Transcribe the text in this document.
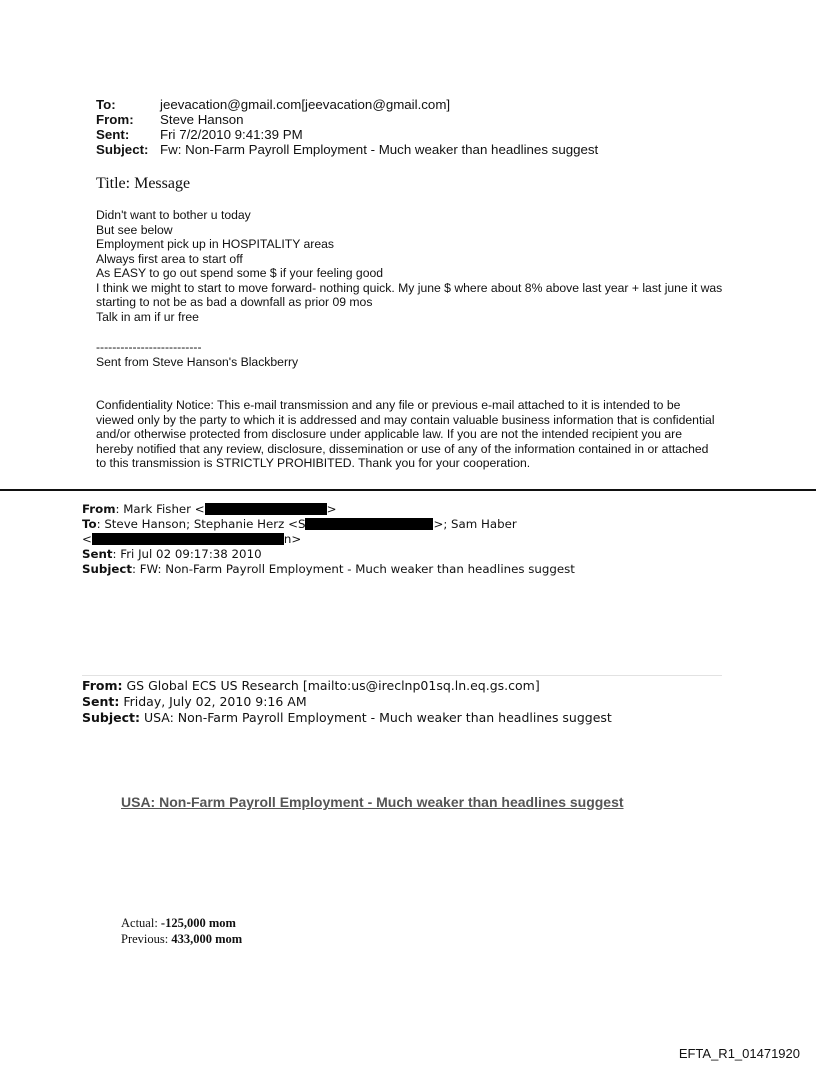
To:	jeevacation@gmail.com[jeevacation@gmail.com]
From: Steve Hanson
Sent: Fri 7/2/2010 9:41:39 PM
Subject: Fw: Non-Farm Payroll Employment - Much weaker than headlines suggest
Title: Message
Didn't want to bother u today
But see below
Employment pick up in HOSPITALITY areas
Always first area to start off
As EASY to go out spend some $ if your feeling good
I think we might to start to move forward- nothing quick. My june $ where about 8% above last year + last june it was starting to not be as bad a downfall as prior 09 mos
Talk in am if ur free
--------------------------
Sent from Steve Hanson's Blackberry
Confidentiality Notice: This e-mail transmission and any file or previous e-mail attached to it is intended to be viewed only by the party to which it is addressed and may contain valuable business information that is confidential and/or otherwise protected from disclosure under applicable law. If you are not the intended recipient you are hereby notified that any review, disclosure, dissemination or use of any of the information contained in or attached to this transmission is STRICTLY PROHIBITED. Thank you for your cooperation.
From: Mark Fisher <	>
To: Steve Hanson; Stephanie Herz <S	>; Sam Haber
<	n>
Sent: Fri Jul 02 09:17:38 2010
Subject: FW: Non-Farm Payroll Employment - Much weaker than headlines suggest
From: GS Global ECS US Research [mailto:us@ireclnp01sq.ln.eq.gs.com]
Sent: Friday, July 02, 2010 9:16 AM
Subject: USA: Non-Farm Payroll Employment - Much weaker than headlines suggest
USA: Non-Farm Payroll Employment - Much weaker than headlines suggest
Actual: -125,000 mom
Previous: 433,000 mom
EFTA_R1_01471920
